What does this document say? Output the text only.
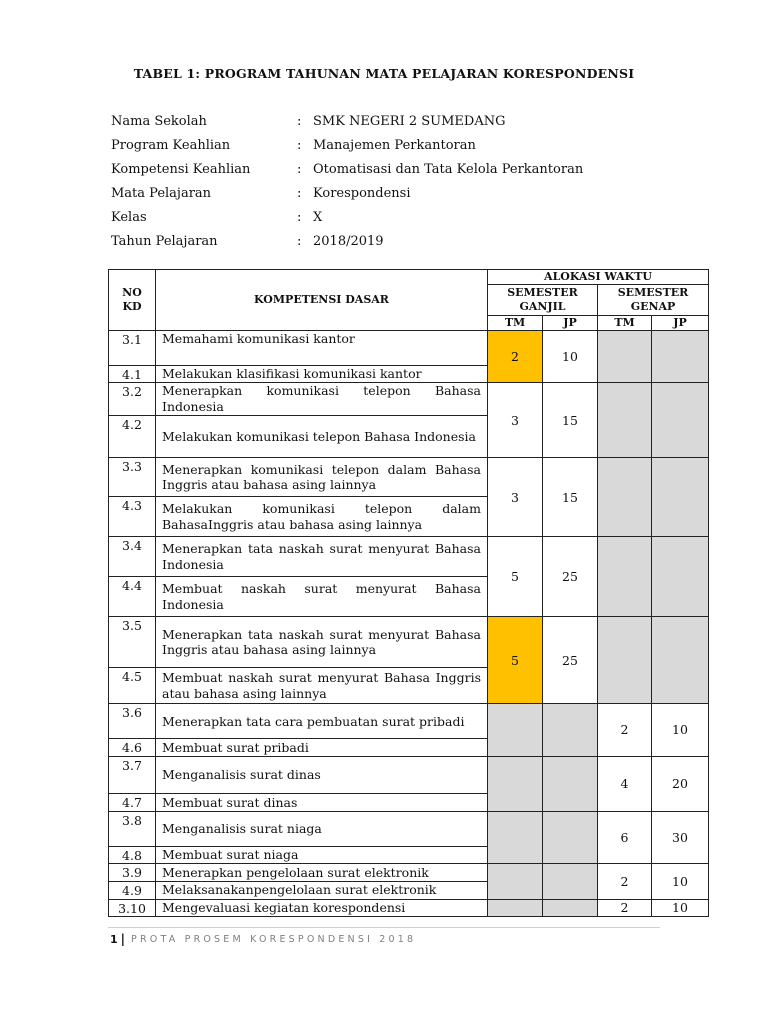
TABEL 1: PROGRAM TAHUNAN MATA PELAJARAN KORESPONDENSI
Nama Sekolah	: SMK NEGERI 2 SUMEDANG
Program Keahlian	: Manajemen Perkantoran
Kompetensi Keahlian	: Otomatisasi dan Tata Kelola Perkantoran
Mata Pelajaran	: Korespondensi
Kelas	: X
Tahun Pelajaran	: 2018/2019
NO KD	KOMPETENSI DASAR	ALOKASI WAKTU			
		SEMESTER GANJIL		SEMESTER GENAP	
		TM	JP	TM	JP
3.1	Memahami komunikasi kantor	2	10		
4.1	Melakukan klasifikasi komunikasi kantor				
3.2	Menerapkan komunikasi telepon Bahasa Indonesia	3	15		
4.2	Melakukan komunikasi telepon Bahasa Indonesia				
3.3	Menerapkan komunikasi telepon dalam Bahasa Inggris atau bahasa asing lainnya	3	15		
4.3	Melakukan komunikasi telepon dalam BahasaInggris atau bahasa asing lainnya				
3.4	Menerapkan tata naskah surat menyurat Bahasa Indonesia	5	25		
4.4	Membuat naskah surat menyurat Bahasa Indonesia				
3.5	Menerapkan tata naskah surat menyurat Bahasa Inggris atau bahasa asing lainnya	5	25		
4.5	Membuat naskah surat menyurat Bahasa Inggris atau bahasa asing lainnya				
3.6	Menerapkan tata cara pembuatan surat pribadi			2	10
4.6	Membuat surat pribadi				
3.7	Menganalisis surat dinas			4	20
4.7	Membuat surat dinas				
3.8	Menganalisis surat niaga			6	30
4.8	Membuat surat niaga				
3.9	Menerapkan pengelolaan surat elektronik			2	10
4.9	Melaksanakanpengelolaan surat elektronik				
3.10	Mengevaluasi kegiatan korespondensi			2	10
1 | PROTA PROSEM KORESPONDENSI 2018
